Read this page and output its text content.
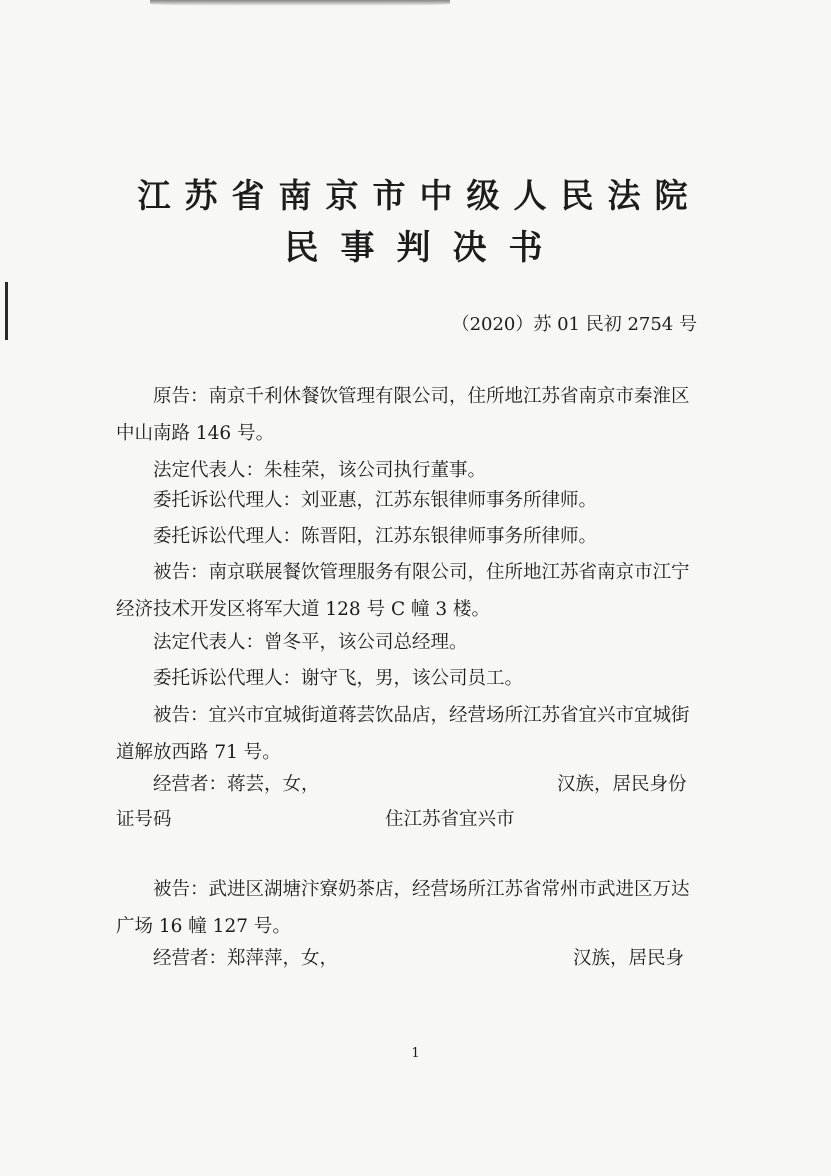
江苏省南京市中级人民法院
民事判决书
（2020）苏 01 民初 2754 号

原告：南京千利休餐饮管理有限公司，住所地江苏省南京市秦淮区中山南路 146 号。

法定代表人：朱桂荣，该公司执行董事。

委托诉讼代理人：刘亚惠，江苏东银律师事务所律师。

委托诉讼代理人：陈晋阳，江苏东银律师事务所律师。

被告：南京联展餐饮管理服务有限公司，住所地江苏省南京市江宁经济技术开发区将军大道 128 号 C 幢 3 楼。

法定代表人：曾冬平，该公司总经理。

委托诉讼代理人：谢守飞，男，该公司员工。

被告：宜兴市宜城街道蒋芸饮品店，经营场所江苏省宜兴市宜城街道解放西路 71 号。

经营者：蒋芸，女，	汉族，居民身份
证号码	住江苏省宜兴市

被告：武进区湖塘汴寮奶茶店，经营场所江苏省常州市武进区万达广场 16 幢 127 号。

经营者：郑萍萍，女，	汉族，居民身
1
